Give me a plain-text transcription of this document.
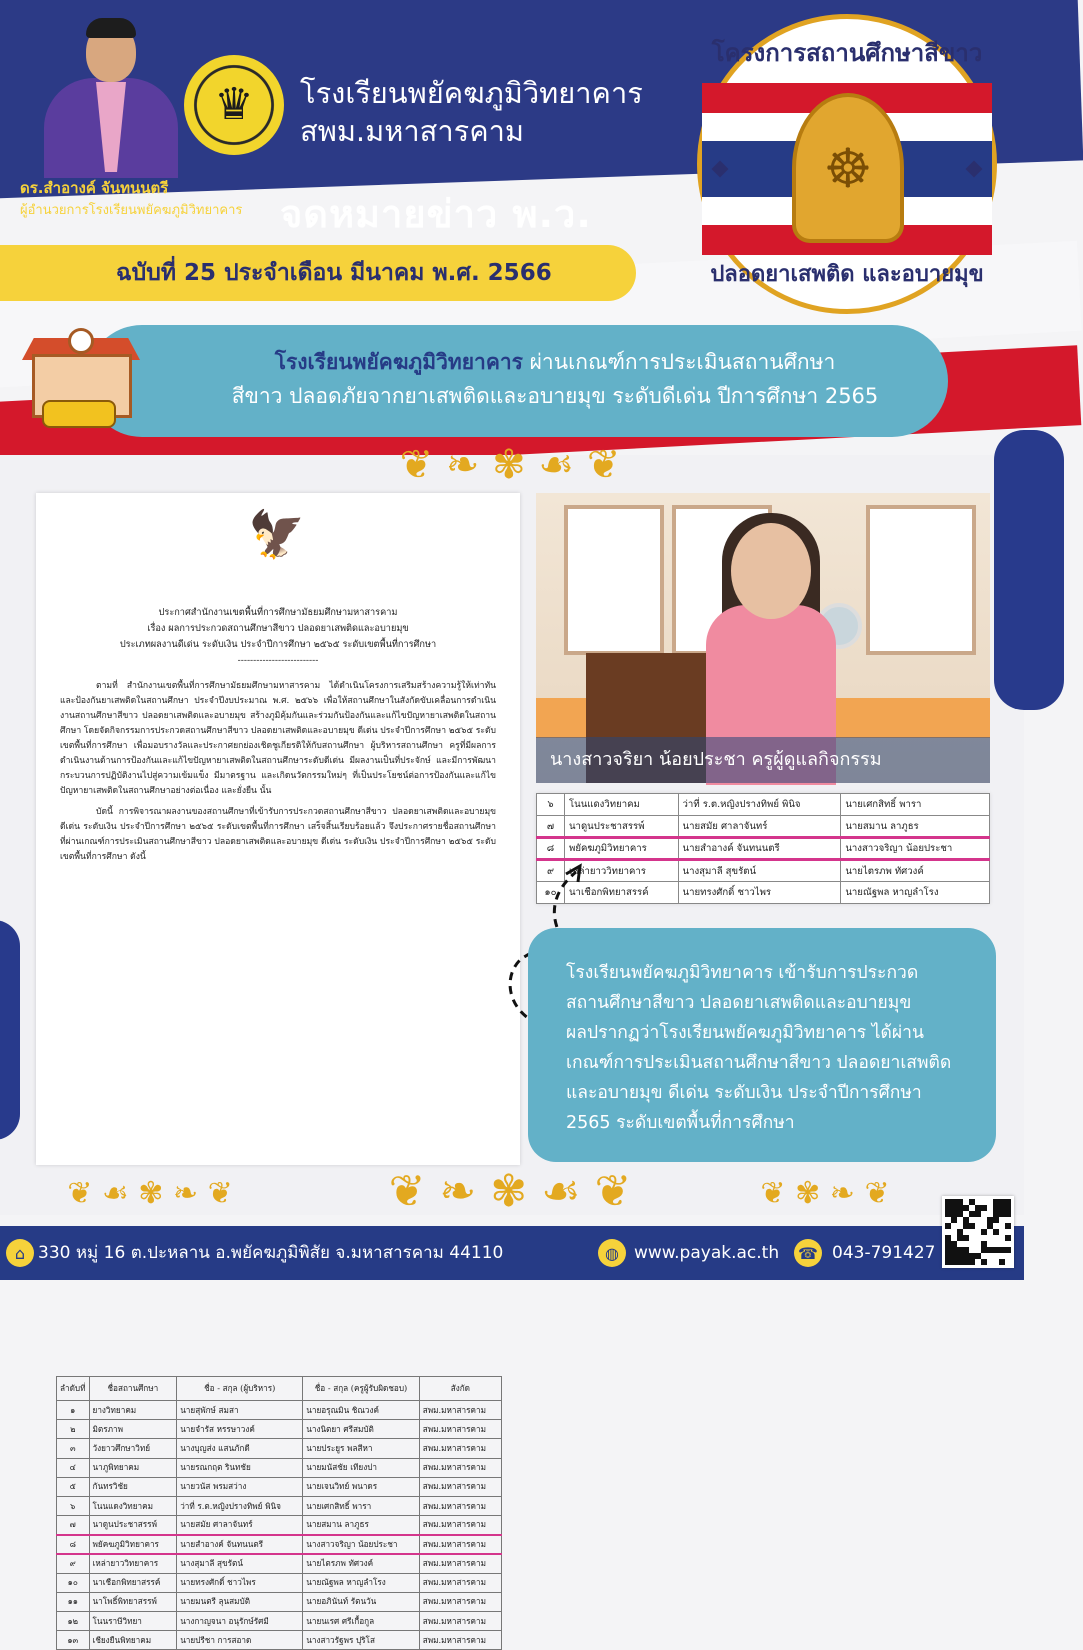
♛ โรงเรียนพยัคฆภูมิวิทยาคาร
สพม.มหาสารคาม
ดร.สำอางค์ จันทนนตรี
ผู้อำนวยการโรงเรียนพยัคฆภูมิวิทยาคาร จดหมายข่าว พ.ว.
ฉบับที่ 25 ประจำเดือน มีนาคม พ.ศ. 2566
โครงการสถานศึกษาสีขาว
ปลอดยาเสพติด และอบายมุข
☸
โรงเรียนพยัคฆภูมิวิทยาคาร ผ่านเกณฑ์การประเมินสถานศึกษา
สีขาว ปลอดภัยจากยาเสพติดและอบายมุข ระดับดีเด่น ปีการศึกษา 2565
❦ ❧ ✾ ☙ ❦
🦅
ประกาศสำนักงานเขตพื้นที่การศึกษามัธยมศึกษามหาสารคาม
เรื่อง ผลการประกวดสถานศึกษาสีขาว ปลอดยาเสพติดและอบายมุข
ประเภทผลงานดีเด่น ระดับเงิน ประจำปีการศึกษา ๒๕๖๕ ระดับเขตพื้นที่การศึกษา
--------------------------
ตามที่ สำนักงานเขตพื้นที่การศึกษามัธยมศึกษามหาสารคาม ได้ดำเนินโครงการเสริมสร้างความรู้ให้เท่าทันและป้องกันยาเสพติดในสถานศึกษา ประจำปีงบประมาณ พ.ศ. ๒๕๖๖ เพื่อให้สถานศึกษาในสังกัดขับเคลื่อนการดำเนินงานสถานศึกษาสีขาว ปลอดยาเสพติดและอบายมุข สร้างภูมิคุ้มกันและร่วมกันป้องกันและแก้ไขปัญหายาเสพติดในสถานศึกษา โดยจัดกิจกรรมการประกวดสถานศึกษาสีขาว ปลอดยาเสพติดและอบายมุข ดีเด่น ประจำปีการศึกษา ๒๕๖๕ ระดับเขตพื้นที่การศึกษา เพื่อมอบรางวัลและประกาศยกย่องเชิดชูเกียรติให้กับสถานศึกษา ผู้บริหารสถานศึกษา ครูที่มีผลการดำเนินงานด้านการป้องกันและแก้ไขปัญหายาเสพติดในสถานศึกษาระดับดีเด่น มีผลงานเป็นที่ประจักษ์ และมีการพัฒนากระบวนการปฏิบัติงานไปสู่ความเข้มแข็ง มีมาตรฐาน และเกิดนวัตกรรมใหม่ๆ ที่เป็นประโยชน์ต่อการป้องกันและแก้ไขปัญหายาเสพติดในสถานศึกษาอย่างต่อเนื่อง และยั่งยืน นั้น
บัดนี้ การพิจารณาผลงานของสถานศึกษาที่เข้ารับการประกวดสถานศึกษาสีขาว ปลอดยาเสพติดและอบายมุข ดีเด่น ระดับเงิน ประจำปีการศึกษา ๒๕๖๕ ระดับเขตพื้นที่การศึกษา เสร็จสิ้นเรียบร้อยแล้ว จึงประกาศรายชื่อสถานศึกษาที่ผ่านเกณฑ์การประเมินสถานศึกษาสีขาว ปลอดยาเสพติดและอบายมุข ดีเด่น ระดับเงิน ประจำปีการศึกษา ๒๕๖๕ ระดับเขตพื้นที่การศึกษา ดังนี้
ลำดับที่	ชื่อสถานศึกษา	ชื่อ - สกุล (ผู้บริหาร)	ชื่อ - สกุล (ครูผู้รับผิดชอบ)	สังกัด
๑	ยางวิทยาคม	นายสุพักษ์ สมสา	นายอรุณมิน ชิณวงค์	สพม.มหาสารคาม
๒	มิตรภาพ	นายจำรัส หรรษาวงค์	นางนิตยา ศรีสมบัติ	สพม.มหาสารคาม
๓	วังยาวศึกษาวิทย์	นางบุญส่ง แสนภักดี	นายประยูร พลสีหา	สพม.มหาสารคาม
๔	นาภูพิทยาคม	นายรณกฤต รินทชัย	นายมนัสชัย เทียงปา	สพม.มหาสารคาม
๕	กันทรวิชัย	นายวนัส พรมสว่าง	นายเจนวิทย์ พนาดร	สพม.มหาสารคาม
๖	โนนแดงวิทยาคม	ว่าที่ ร.ต.หญิงปรางทิพย์ พินิจ	นายเศกสิทธิ์ พารา	สพม.มหาสารคาม
๗	นาดูนประชาสรรพ์	นายสมัย ศาลาจันทร์	นายสมาน ลาภูธร	สพม.มหาสารคาม
๘	พยัคฆภูมิวิทยาคาร	นายสำอางค์ จันทนนตรี	นางสาวจริญา น้อยประชา	สพม.มหาสารคาม
๙	เหล่ายาววิทยาคาร	นางสุมาลี สุขรัตน์	นายไตรภพ ทัศวงค์	สพม.มหาสารคาม
๑๐	นาเชือกพิทยาสรรค์	นายทรงศักดิ์ ชาวไพร	นายณัฐพล หาญลำโรง	สพม.มหาสารคาม
๑๑	นาโพธิ์พิทยาสรรพ์	นายมนตรี ลุนสมบัติ	นายอภินันท์ รัตนวัน	สพม.มหาสารคาม
๑๒	โนนราษีวิทยา	นางกาญจนา อนุรักษ์รัศมี	นายนเรศ ศรีเกื้อกูล	สพม.มหาสารคาม
๑๓	เชียงยืนพิทยาคม	นายปรีชา การสอาด	นางสาวรัฐพร ปุริโส	สพม.มหาสารคาม
นางสาวจริยา น้อยประชา ครูผู้ดูแลกิจกรรม
๖	โนนแดงวิทยาคม	ว่าที่ ร.ต.หญิงปรางทิพย์ พินิจ	นายเศกสิทธิ์ พารา
๗	นาดูนประชาสรรพ์	นายสมัย ศาลาจันทร์	นายสมาน ลาภูธร
๘	พยัคฆภูมิวิทยาคาร	นายสำอางค์ จันทนนตรี	นางสาวจริญา น้อยประชา
๙	เหล่ายาววิทยาคาร	นางสุมาลี สุขรัตน์	นายไตรภพ ทัศวงค์
๑๐	นาเชือกพิทยาสรรค์	นายทรงศักดิ์ ชาวไพร	นายณัฐพล หาญลำโรง
โรงเรียนพยัคฆภูมิวิทยาคาร เข้ารับการประกวด
สถานศึกษาสีขาว ปลอดยาเสพติดและอบายมุข
ผลปรากฏว่าโรงเรียนพยัคฆภูมิวิทยาคาร ได้ผ่าน
เกณฑ์การประเมินสถานศึกษาสีขาว ปลอดยาเสพติด
และอบายมุข ดีเด่น ระดับเงิน ประจำปีการศึกษา
2565 ระดับเขตพื้นที่การศึกษา
❦ ☙ ✾ ❧ ❦	❦ ❧ ✾ ☙ ❦	❦ ✾ ❧ ❦
⌂ 330 หมู่ 16 ต.ปะหลาน อ.พยัคฆภูมิพิสัย จ.มหาสารคาม 44110	◍ www.payak.ac.th ☎ 043-791427
